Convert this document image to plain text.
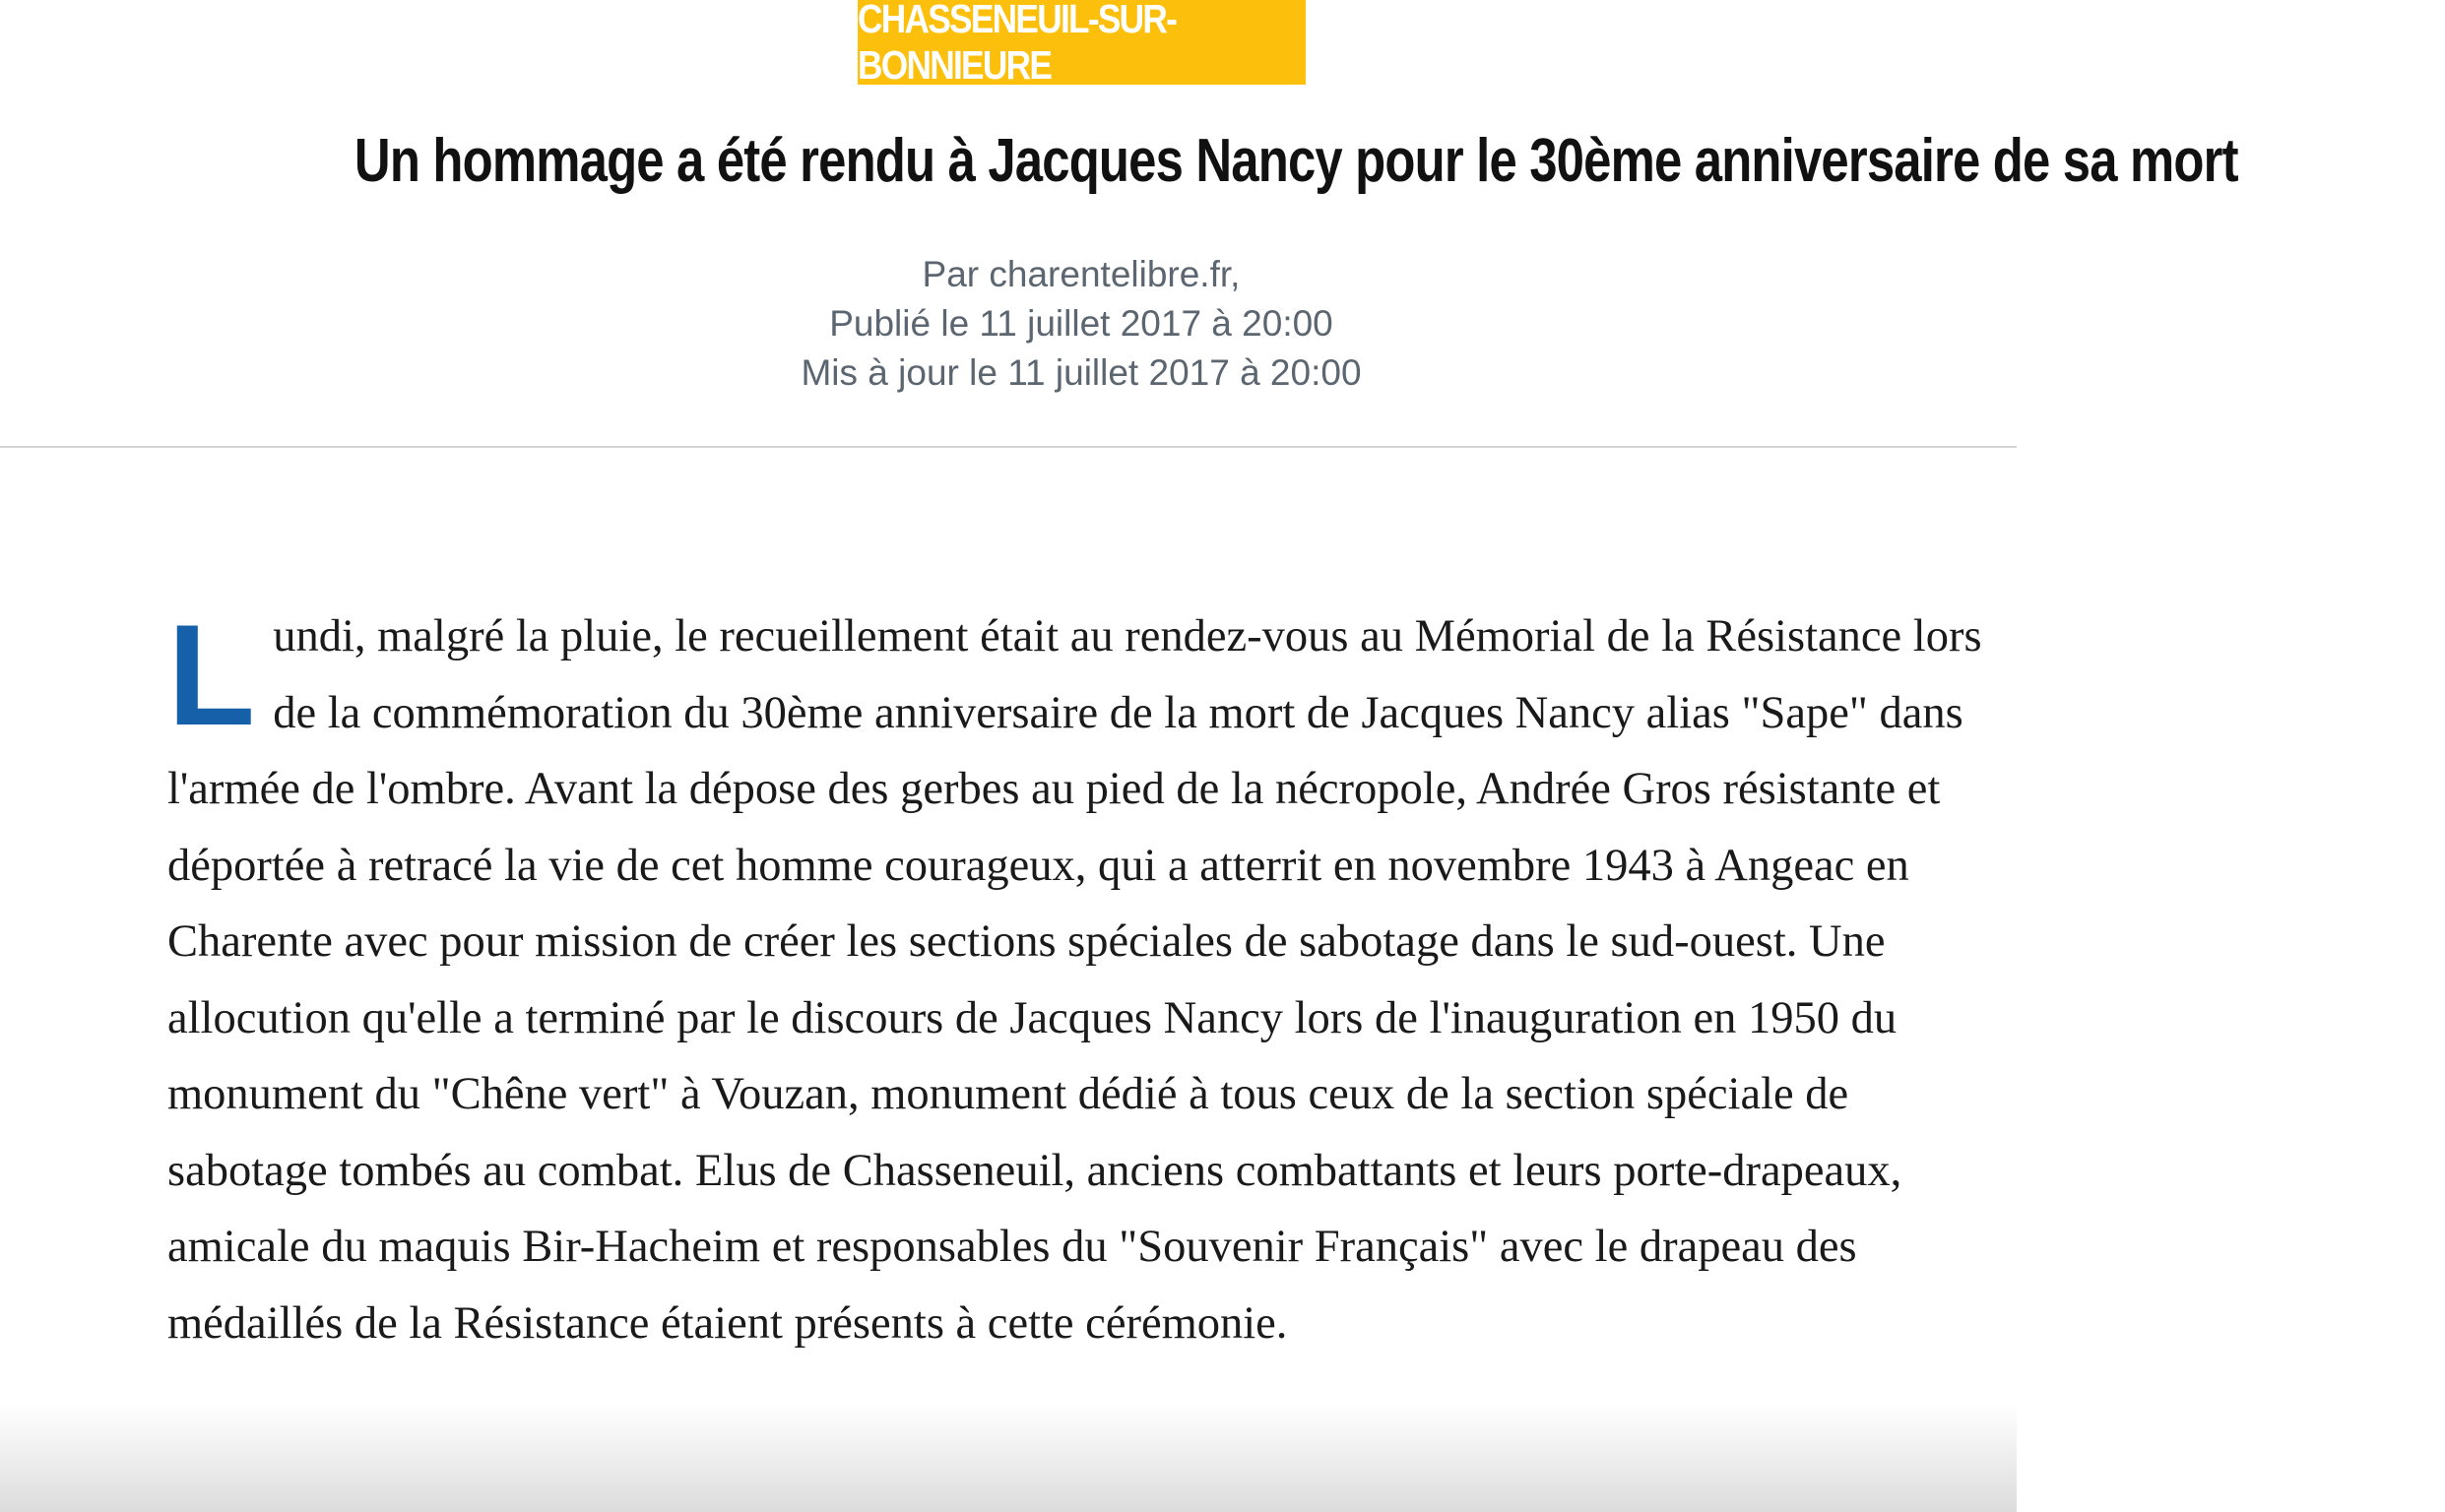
CHASSENEUIL-SUR-BONNIEURE
Un hommage a été rendu à Jacques Nancy pour le 30ème anniversaire de sa mort
Par charentelibre.fr,
Publié le 11 juillet 2017 à 20:00
Mis à jour le 11 juillet 2017 à 20:00
L undi, malgré la pluie, le recueillement était au rendez-vous au Mémorial de la Résistance lors de la commémoration du 30ème anniversaire de la mort de Jacques Nancy alias "Sape" dans l'armée de l'ombre. Avant la dépose des gerbes au pied de la nécropole, Andrée Gros résistante et déportée à retracé la vie de cet homme courageux, qui a atterrit en novembre 1943 à Angeac en Charente avec pour mission de créer les sections spéciales de sabotage dans le sud-ouest. Une allocution qu'elle a terminé par le discours de Jacques Nancy lors de l'inauguration en 1950 du monument du "Chêne vert" à Vouzan, monument dédié à tous ceux de la section spéciale de sabotage tombés au combat. Elus de Chasseneuil, anciens combattants et leurs porte-drapeaux, amicale du maquis Bir-Hacheim et responsables du "Souvenir Français" avec le drapeau des médaillés de la Résistance étaient présents à cette cérémonie.
